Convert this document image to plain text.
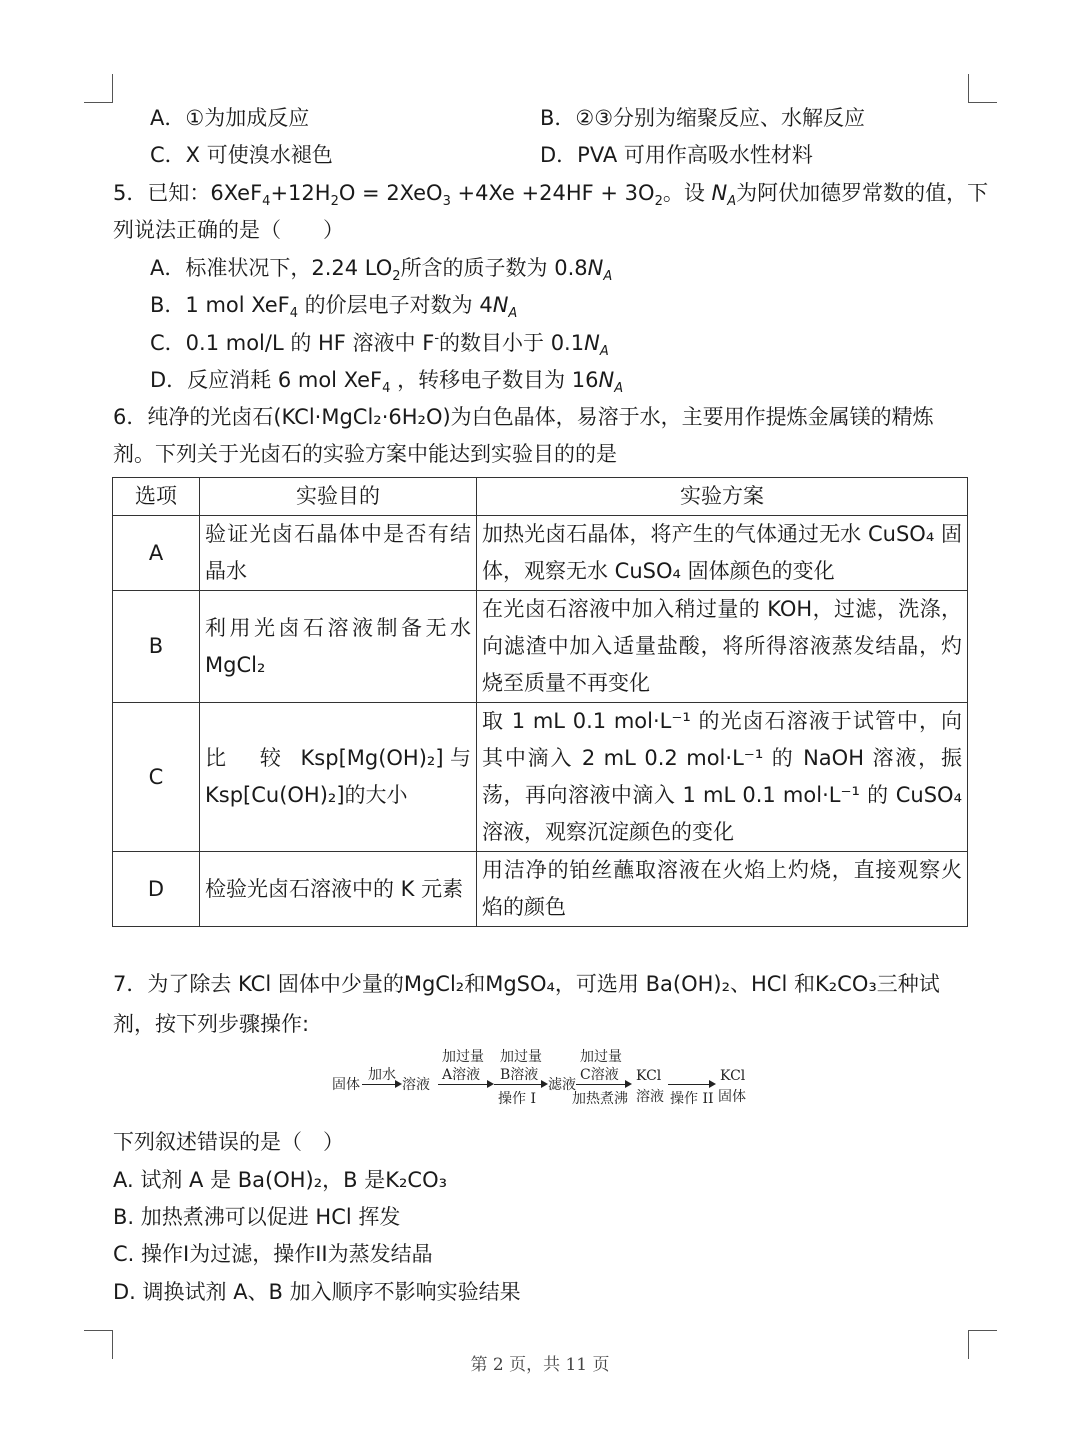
A．①为加成反应	B．②③分别为缩聚反应、水解反应
C．X 可使溴水褪色	D．PVA 可用作高吸水性材料
5．已知：$6XeF_4+12H_2O = 2XeO_3 +4Xe +24HF + 3O_2$。设 $N_A$为阿伏加德罗常数的值，下
列说法正确的是（　　）
A．标准状况下，2.24 $LO_2$所含的质子数为 $0.8N_A$
B．1 mol XeF$_4$ 的价层电子对数为 $4N_A$
C．0.1 mol/L 的 HF 溶液中 F-的数目小于 $0.1N_A$
D．反应消耗 6 mol XeF$_4$ ，转移电子数目为 $16N_A$
6．纯净的光卤石(KCl·MgCl₂·6H₂O)为白色晶体，易溶于水，主要用作提炼金属镁的精炼
剂。下列关于光卤石的实验方案中能达到实验目的的是
选项	实验目的	实验方案
A	验证光卤石晶体中是否有结晶水	加热光卤石晶体，将产生的气体通过无水 CuSO₄ 固体，观察无水 CuSO₄ 固体颜色的变化
B	利用光卤石溶液制备无水 MgCl₂	在光卤石溶液中加入稍过量的 KOH，过滤，洗涤，向滤渣中加入适量盐酸，将所得溶液蒸发结晶，灼烧至质量不再变化
C	比　较 Ksp[Mg(OH)₂]与 Ksp[Cu(OH)₂]的大小	取 1 mL 0.1 mol·L⁻¹ 的光卤石溶液于试管中，向其中滴入 2 mL 0.2 mol·L⁻¹ 的 NaOH 溶液，振荡，再向溶液中滴入 1 mL 0.1 mol·L⁻¹ 的 CuSO₄ 溶液，观察沉淀颜色的变化
D	检验光卤石溶液中的 K 元素	用洁净的铂丝蘸取溶液在火焰上灼烧，直接观察火焰的颜色
7．为了除去 KCl 固体中少量的MgCl₂和MgSO₄，可选用 Ba(OH)₂、HCl 和K₂CO₃三种试
剂，按下列步骤操作:
固体
加水
溶液
加过量
A溶液
加过量
B溶液
操作 I
滤液
加过量
C溶液
加热煮沸
KCl
溶液 操作 II
KCl
固体
下列叙述错误的是（　）
A. 试剂 A 是 Ba(OH)₂，B 是K₂CO₃
B. 加热煮沸可以促进 HCl 挥发
C. 操作I为过滤，操作II为蒸发结晶
D. 调换试剂 A、B 加入顺序不影响实验结果
第 2 页，共 11 页
